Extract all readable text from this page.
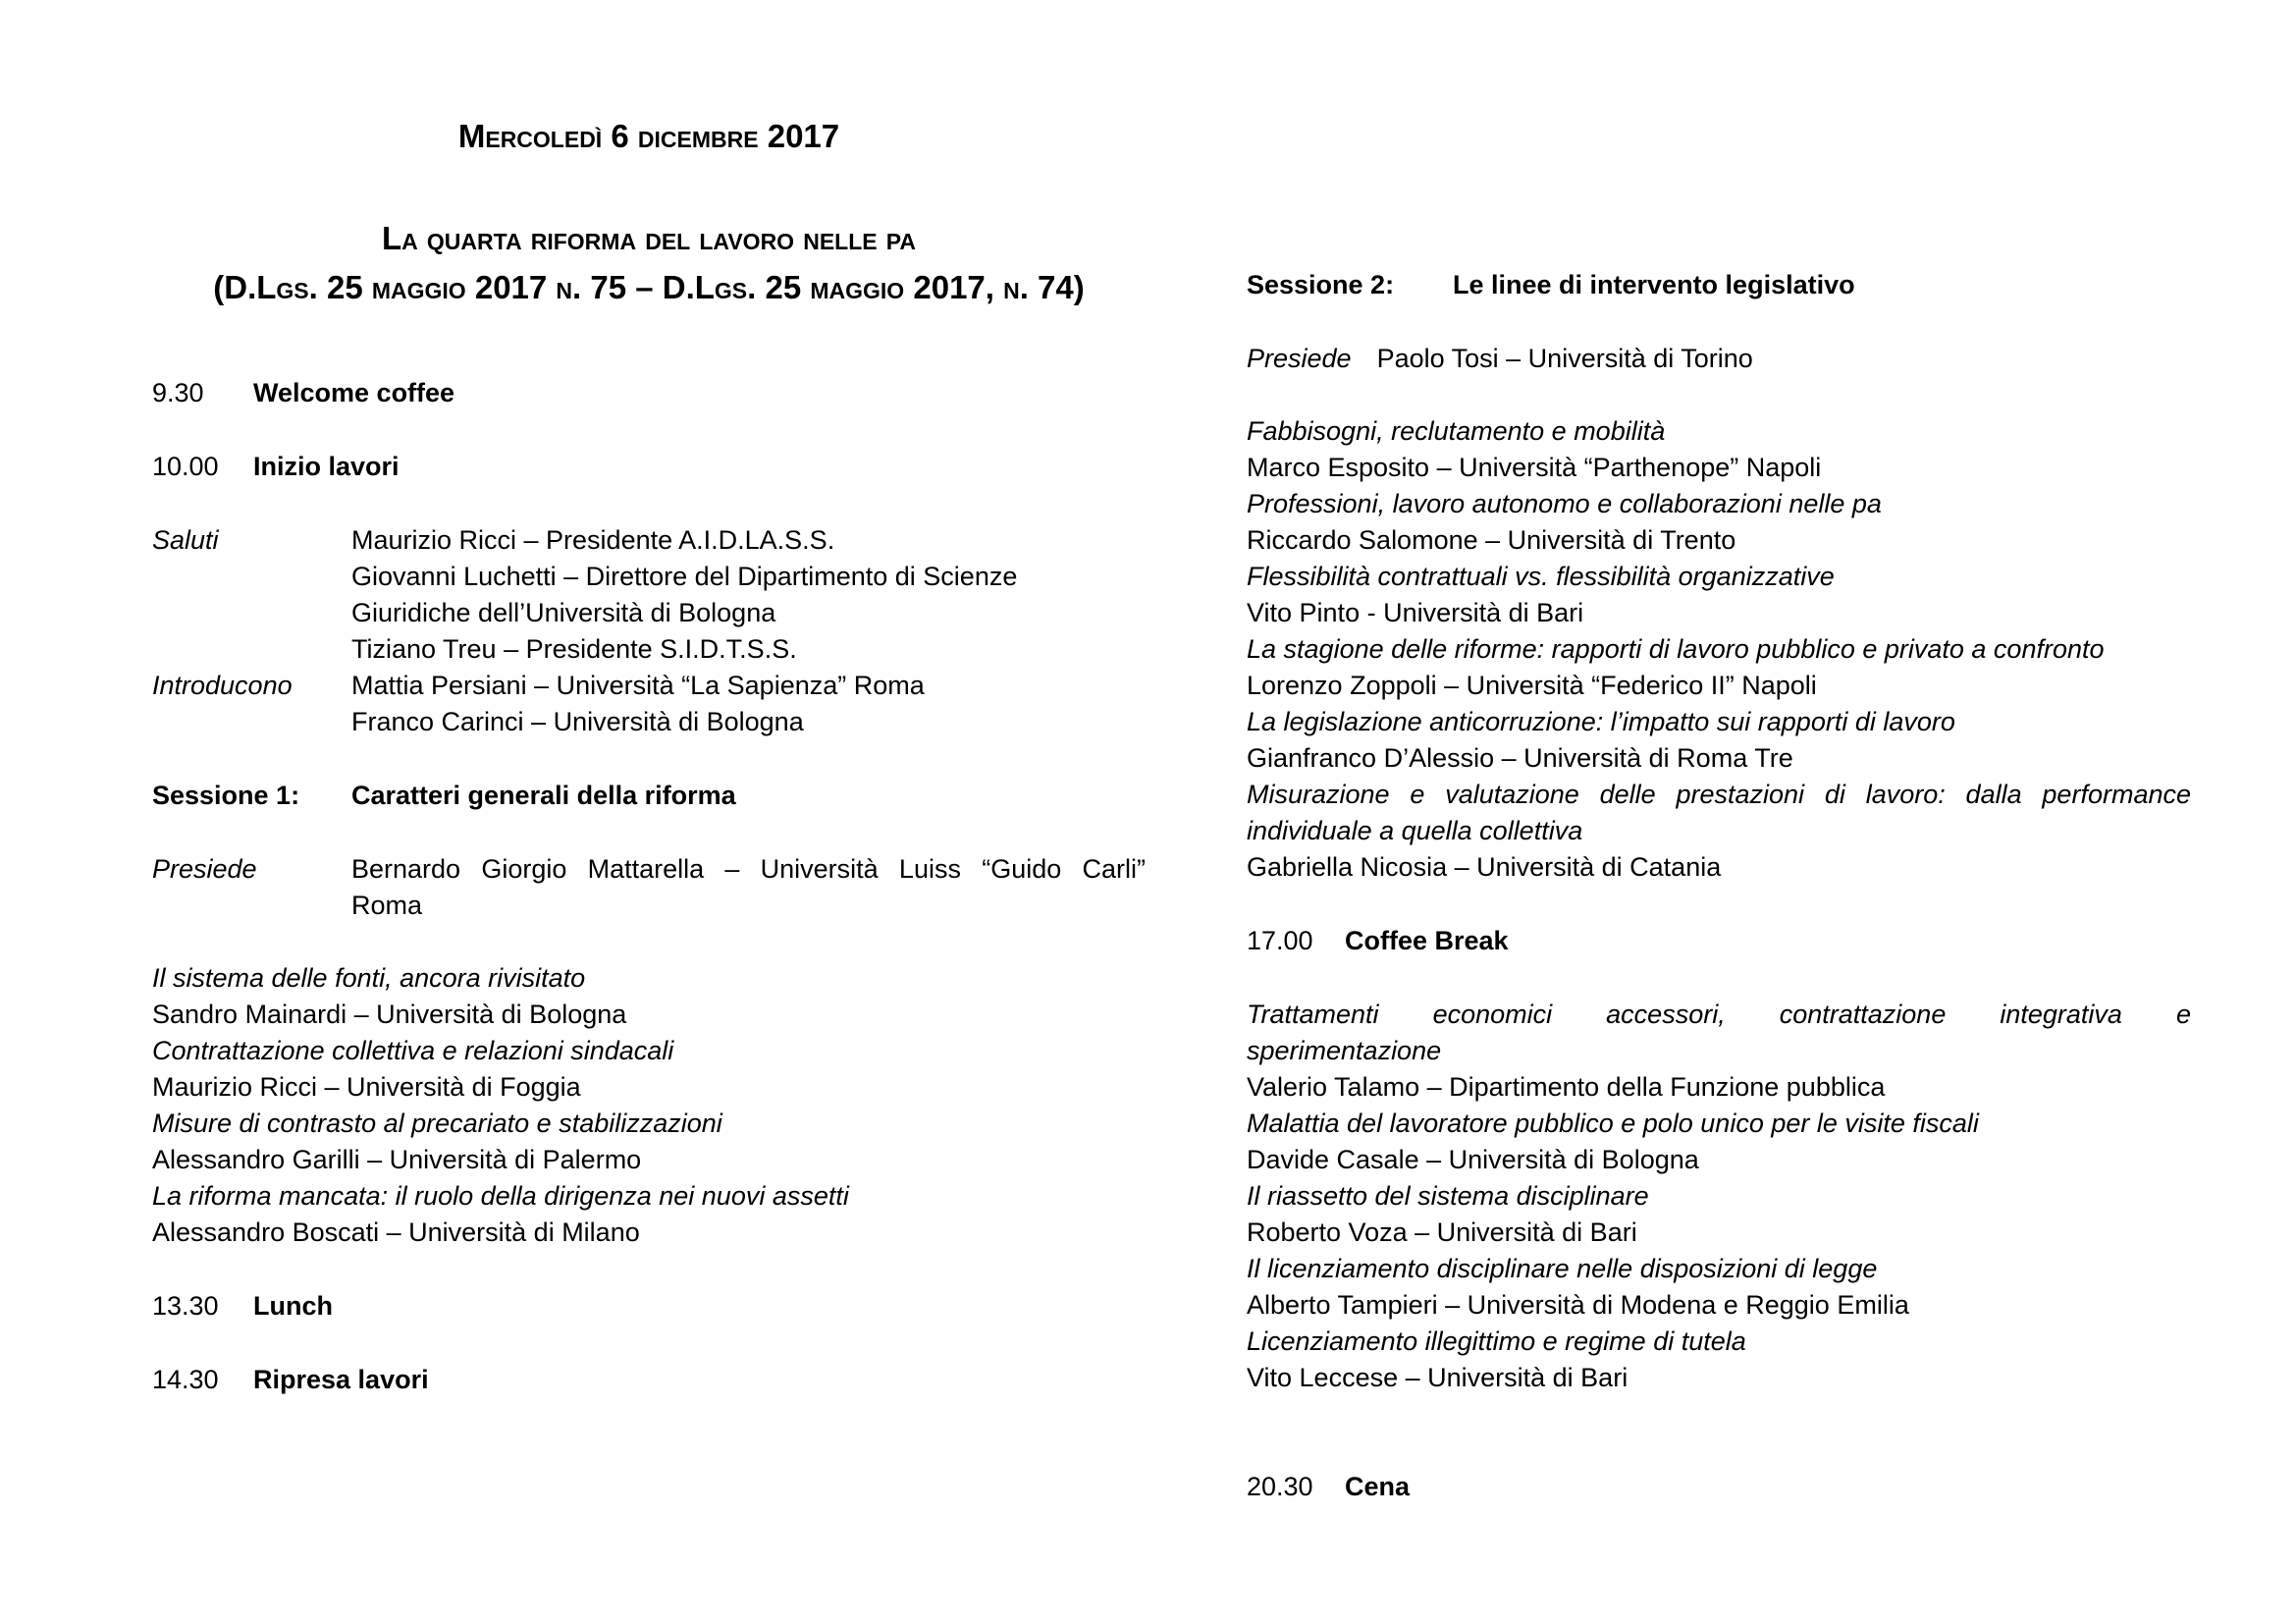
Mercoledì 6 dicembre 2017
La quarta riforma del lavoro nelle pa
(D.Lgs. 25 maggio 2017 n. 75 – D.Lgs. 25 maggio 2017, n. 74)
9.30	Welcome coffee
10.00	Inizio lavori
Saluti	Maurizio Ricci – Presidente A.I.D.LA.S.S.
Giovanni Luchetti – Direttore del Dipartimento di Scienze
Giuridiche dell’Università di Bologna
Tiziano Treu – Presidente S.I.D.T.S.S.
Introducono	Mattia Persiani – Università “La Sapienza” Roma
Franco Carinci – Università di Bologna
Sessione 1:	Caratteri generali della riforma
Presiede	Bernardo Giorgio Mattarella – Università Luiss “Guido Carli”
Roma
Il sistema delle fonti, ancora rivisitato
Sandro Mainardi – Università di Bologna
Contrattazione collettiva e relazioni sindacali
Maurizio Ricci – Università di Foggia
Misure di contrasto al precariato e stabilizzazioni
Alessandro Garilli – Università di Palermo
La riforma mancata: il ruolo della dirigenza nei nuovi assetti
Alessandro Boscati – Università di Milano
13.30	Lunch
14.30	Ripresa lavori
Sessione 2:	Le linee di intervento legislativo
Presiede Paolo Tosi – Università di Torino
Fabbisogni, reclutamento e mobilità
Marco Esposito – Università “Parthenope” Napoli
Professioni, lavoro autonomo e collaborazioni nelle pa
Riccardo Salomone – Università di Trento
Flessibilità contrattuali vs. flessibilità organizzative
Vito Pinto - Università di Bari
La stagione delle riforme: rapporti di lavoro pubblico e privato a confronto
Lorenzo Zoppoli – Università “Federico II” Napoli
La legislazione anticorruzione: l’impatto sui rapporti di lavoro
Gianfranco D’Alessio – Università di Roma Tre
Misurazione e valutazione delle prestazioni di lavoro: dalla performance
individuale a quella collettiva
Gabriella Nicosia – Università di Catania
17.00	Coffee Break
Trattamenti economici accessori, contrattazione integrativa e
sperimentazione
Valerio Talamo – Dipartimento della Funzione pubblica
Malattia del lavoratore pubblico e polo unico per le visite fiscali
Davide Casale – Università di Bologna
Il riassetto del sistema disciplinare
Roberto Voza – Università di Bari
Il licenziamento disciplinare nelle disposizioni di legge
Alberto Tampieri – Università di Modena e Reggio Emilia
Licenziamento illegittimo e regime di tutela
Vito Leccese – Università di Bari
20.30	Cena
